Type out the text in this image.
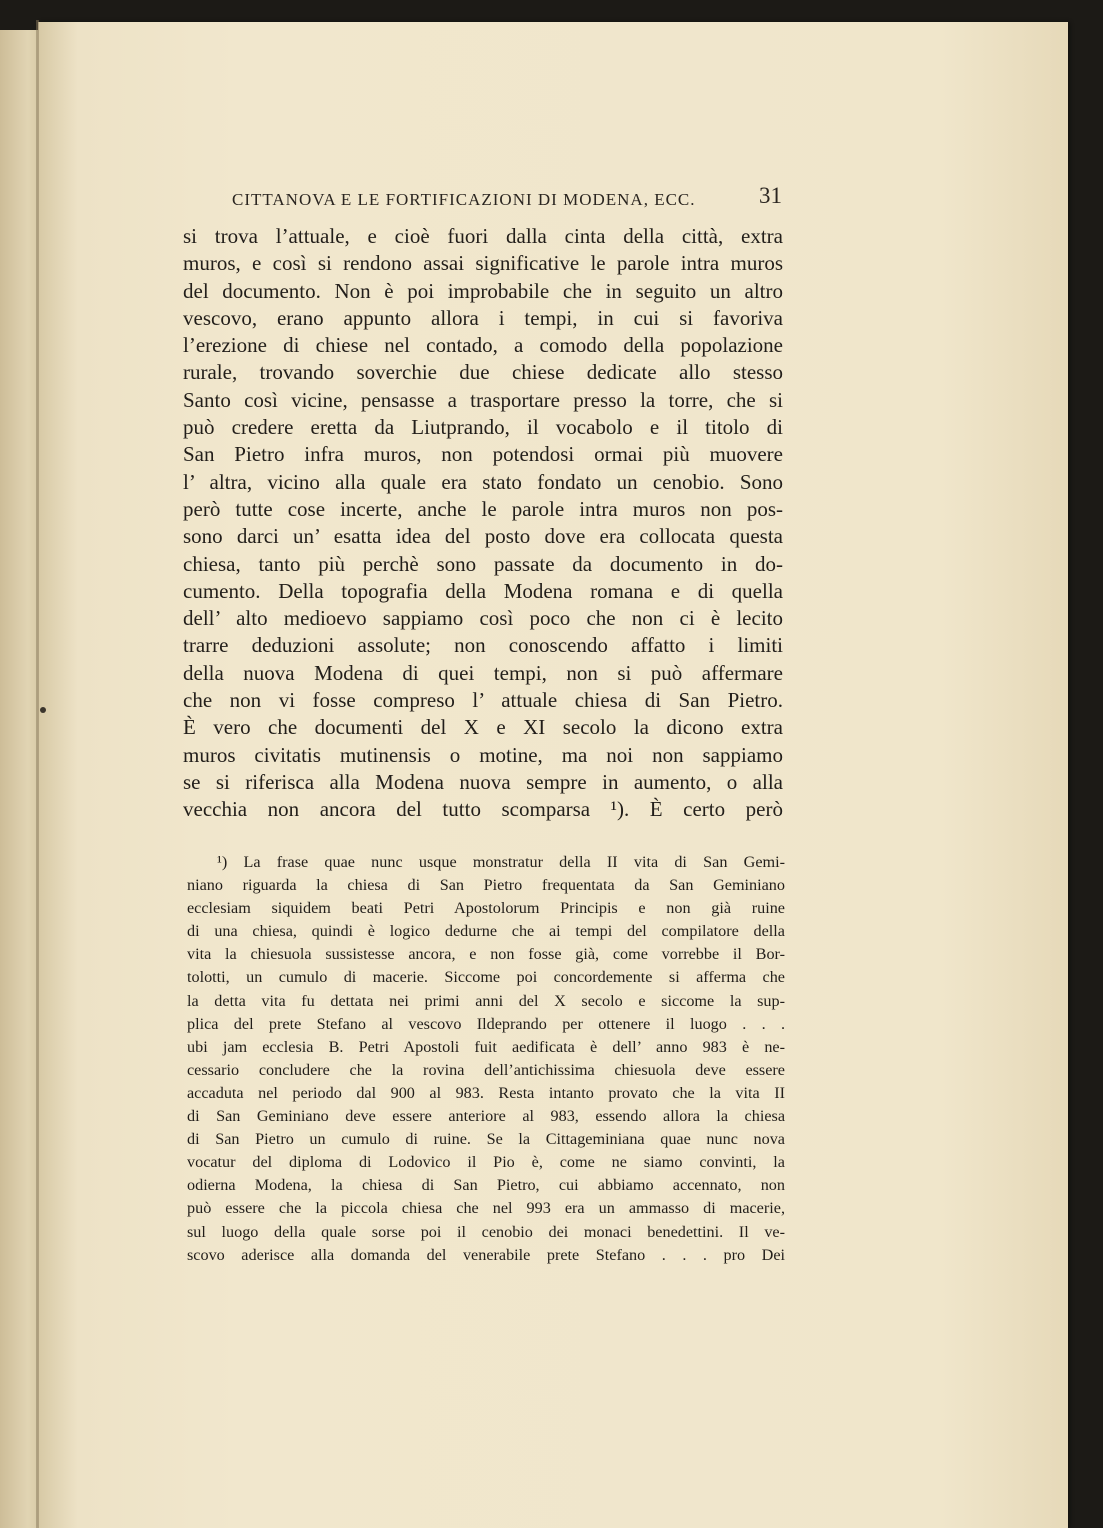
CITTANOVA E LE FORTIFICAZIONI DI MODENA, ECC.	31
si trova l’attuale, e cioè fuori dalla cinta della città, extra
muros, e così si rendono assai significative le parole intra muros
del documento. Non è poi improbabile che in seguito un altro
vescovo, erano appunto allora i tempi, in cui si favoriva
l’erezione di chiese nel contado, a comodo della popolazione
rurale, trovando soverchie due chiese dedicate allo stesso
Santo così vicine, pensasse a trasportare presso la torre, che si
può credere eretta da Liutprando, il vocabolo e il titolo di
San Pietro infra muros, non potendosi ormai più muovere
l’ altra, vicino alla quale era stato fondato un cenobio. Sono
però tutte cose incerte, anche le parole intra muros non pos-
sono darci un’ esatta idea del posto dove era collocata questa
chiesa, tanto più perchè sono passate da documento in do-
cumento. Della topografia della Modena romana e di quella
dell’ alto medioevo sappiamo così poco che non ci è lecito
trarre deduzioni assolute; non conoscendo affatto i limiti
della nuova Modena di quei tempi, non si può affermare
che non vi fosse compreso l’ attuale chiesa di San Pietro.
È vero che documenti del X e XI secolo la dicono extra
muros civitatis mutinensis o motine, ma noi non sappiamo
se si riferisca alla Modena nuova sempre in aumento, o alla
vecchia non ancora del tutto scomparsa ¹). È certo però
¹) La frase quae nunc usque monstratur della II vita di San Gemi-
niano riguarda la chiesa di San Pietro frequentata da San Geminiano
ecclesiam siquidem beati Petri Apostolorum Principis e non già ruine
di una chiesa, quindi è logico dedurne che ai tempi del compilatore della
vita la chiesuola sussistesse ancora, e non fosse già, come vorrebbe il Bor-
tolotti, un cumulo di macerie. Siccome poi concordemente si afferma che
la detta vita fu dettata nei primi anni del X secolo e siccome la sup-
plica del prete Stefano al vescovo Ildeprando per ottenere il luogo . . .
ubi jam ecclesia B. Petri Apostoli fuit aedificata è dell’ anno 983 è ne-
cessario concludere che la rovina dell’antichissima chiesuola deve essere
accaduta nel periodo dal 900 al 983. Resta intanto provato che la vita II
di San Geminiano deve essere anteriore al 983, essendo allora la chiesa
di San Pietro un cumulo di ruine. Se la Cittageminiana quae nunc nova
vocatur del diploma di Lodovico il Pio è, come ne siamo convinti, la
odierna Modena, la chiesa di San Pietro, cui abbiamo accennato, non
può essere che la piccola chiesa che nel 993 era un ammasso di macerie,
sul luogo della quale sorse poi il cenobio dei monaci benedettini. Il ve-
scovo aderisce alla domanda del venerabile prete Stefano . . . pro Dei
